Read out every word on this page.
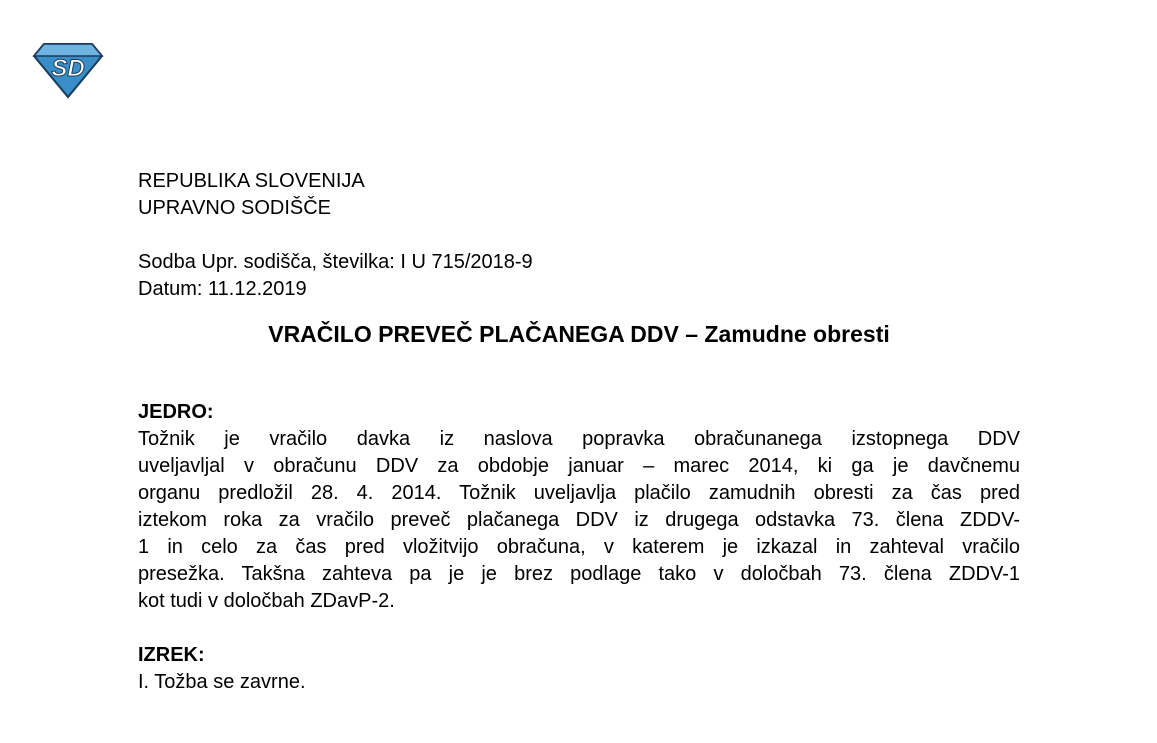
SD
REPUBLIKA SLOVENIJA
UPRAVNO SODIŠČE
Sodba Upr. sodišča, številka: I U 715/2018-9
Datum: 11.12.2019
VRAČILO PREVEČ PLAČANEGA DDV – Zamudne obresti
JEDRO:
Tožnik je vračilo davka iz naslova popravka obračunanega izstopnega DDV
uveljavljal v obračunu DDV za obdobje januar – marec 2014, ki ga je davčnemu
organu predložil 28. 4. 2014. Tožnik uveljavlja plačilo zamudnih obresti za čas pred
iztekom roka za vračilo preveč plačanega DDV iz drugega odstavka 73. člena ZDDV-
1 in celo za čas pred vložitvijo obračuna, v katerem je izkazal in zahteval vračilo
presežka. Takšna zahteva pa je je brez podlage tako v določbah 73. člena ZDDV-1
kot tudi v določbah ZDavP-2.
IZREK:
I. Tožba se zavrne.
